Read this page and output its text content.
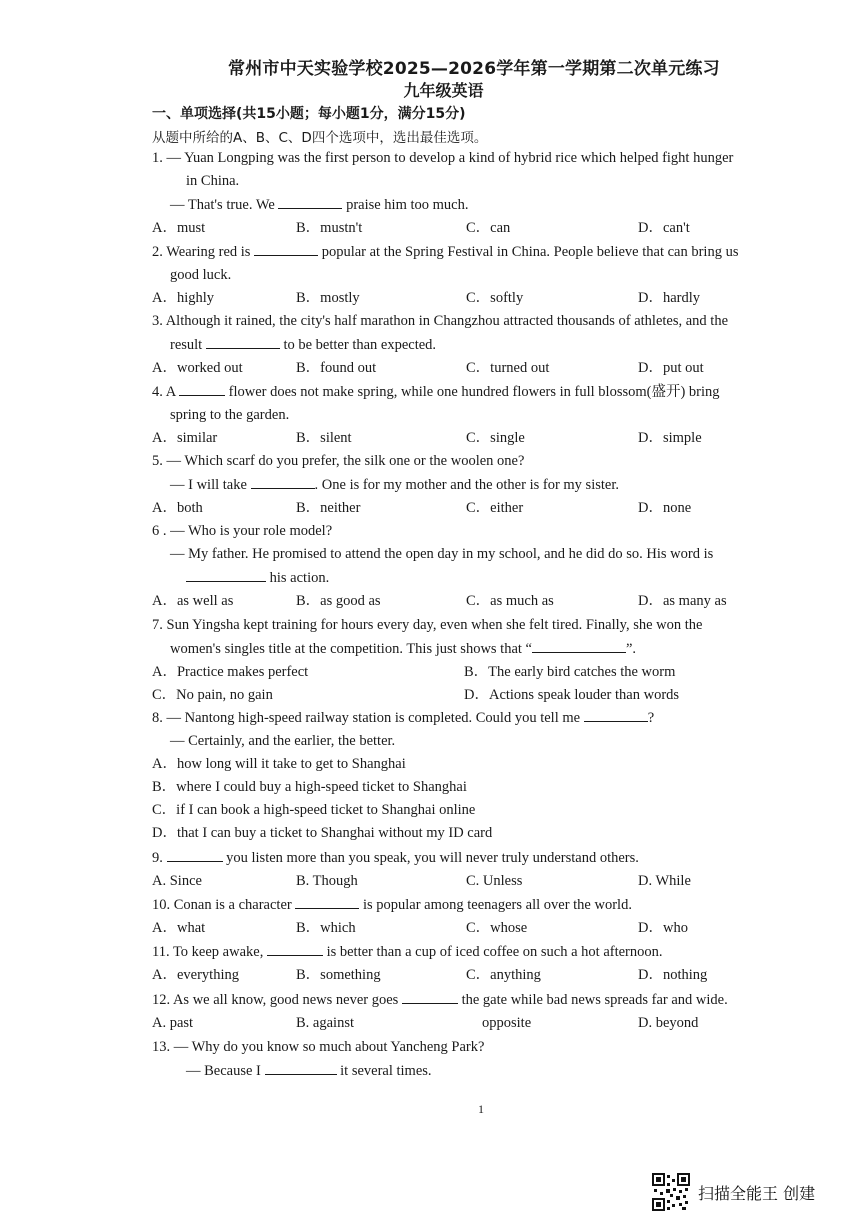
常州市中天实验学校2025—2026学年第一学期第二次单元练习
九年级英语
一、单项选择(共15小题；每小题1分，满分15分)
从题中所给的A、B、C、D四个选项中，选出最佳选项。
1. — Yuan Longping was the first person to develop a kind of hybrid rice which helped fight hunger
in China.
— That's true. We	praise him too much.
A．must	B．mustn't	C．can	D．can't
2. Wearing red is	popular at the Spring Festival in China. People believe that can bring us
good luck.
A．highly	B．mostly	C．softly	D．hardly
3. Although it rained, the city's half marathon in Changzhou attracted thousands of athletes, and the
result	to be better than expected.
A．worked out	B．found out	C．turned out	D．put out
4. A	flower does not make spring, while one hundred flowers in full blossom(盛开) bring
spring to the garden.
A．similar	B．silent	C．single	D．simple
5. — Which scarf do you prefer, the silk one or the woolen one?
— I will take	. One is for my mother and the other is for my sister.
A．both	B．neither	C．either	D．none
6 . — Who is your role model?
— My father. He promised to attend the open day in my school, and he did do so. His word is
his action.
A．as well as	B．as good as	C．as much as	D．as many as
7. Sun Yingsha kept training for hours every day, even when she felt tired. Finally, she won the
women's singles title at the competition. This just shows that “	”.
A．Practice makes perfect	B．The early bird catches the worm
C．No pain, no gain	D．Actions speak louder than words
8. — Nantong high-speed railway station is completed. Could you tell me	?
— Certainly, and the earlier, the better.
A．how long will it take to get to Shanghai
B．where I could buy a high-speed ticket to Shanghai
C．if I can book a high-speed ticket to Shanghai online
D．that I can buy a ticket to Shanghai without my ID card
9.	you listen more than you speak, you will never truly understand others.
A. Since	B. Though	C. Unless	D. While
10. Conan is a character	is popular among teenagers all over the world.
A．what	B．which	C．whose	D．who
11. To keep awake,	is better than a cup of iced coffee on such a hot afternoon.
A．everything	B．something	C．anything	D．nothing
12. As we all know, good news never goes	the gate while bad news spreads far and wide.
A. past	B. against	opposite	D. beyond
13. — Why do you know so much about Yancheng Park?
— Because I	it several times.
1
扫描全能王 创建
